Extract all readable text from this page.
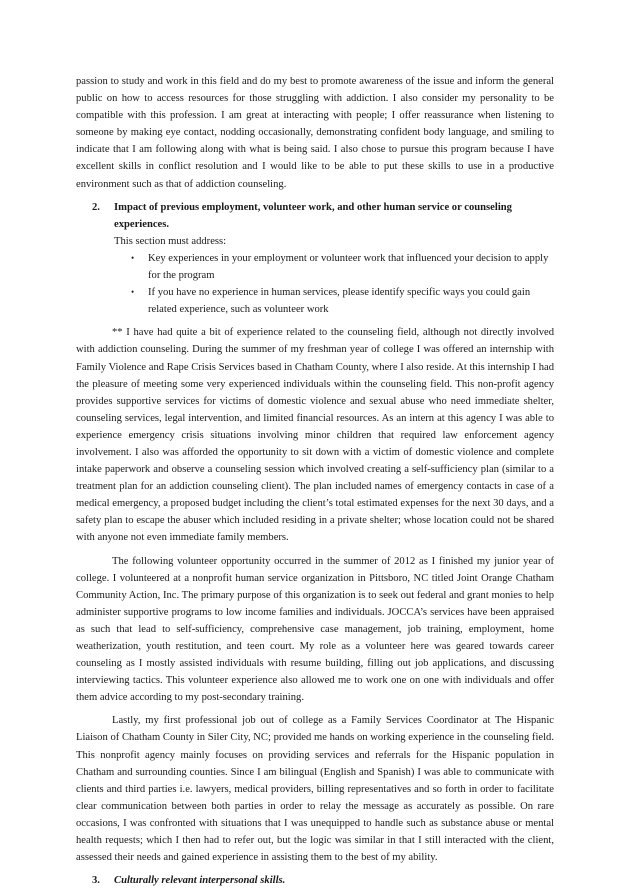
passion to study and work in this field and do my best to promote awareness of the issue and inform the general public on how to access resources for those struggling with addiction. I also consider my personality to be compatible with this profession. I am great at interacting with people; I offer reassurance when listening to someone by making eye contact, nodding occasionally, demonstrating confident body language, and smiling to indicate that I am following along with what is being said. I also chose to pursue this program because I have excellent skills in conflict resolution and I would like to be able to put these skills to use in a productive environment such as that of addiction counseling.

2. Impact of previous employment, volunteer work, and other human service or counseling experiences.

This section must address:

• Key experiences in your employment or volunteer work that influenced your decision to apply for the program
• If you have no experience in human services, please identify specific ways you could gain related experience, such as volunteer work

** I have had quite a bit of experience related to the counseling field, although not directly involved with addiction counseling. During the summer of my freshman year of college I was offered an internship with Family Violence and Rape Crisis Services based in Chatham County, where I also reside. At this internship I had the pleasure of meeting some very experienced individuals within the counseling field. This non-profit agency provides supportive services for victims of domestic violence and sexual abuse who need immediate shelter, counseling services, legal intervention, and limited financial resources. As an intern at this agency I was able to experience emergency crisis situations involving minor children that required law enforcement agency involvement. I also was afforded the opportunity to sit down with a victim of domestic violence and complete intake paperwork and observe a counseling session which involved creating a self-sufficiency plan (similar to a treatment plan for an addiction counseling client). The plan included names of emergency contacts in case of a medical emergency, a proposed budget including the client’s total estimated expenses for the next 30 days, and a safety plan to escape the abuser which included residing in a private shelter; whose location could not be shared with anyone not even immediate family members.

The following volunteer opportunity occurred in the summer of 2012 as I finished my junior year of college. I volunteered at a nonprofit human service organization in Pittsboro, NC titled Joint Orange Chatham Community Action, Inc. The primary purpose of this organization is to seek out federal and grant monies to help administer supportive programs to low income families and individuals. JOCCA’s services have been appraised as such that lead to self-sufficiency, comprehensive case management, job training, employment, home weatherization, youth restitution, and teen court. My role as a volunteer here was geared towards career counseling as I mostly assisted individuals with resume building, filling out job applications, and discussing interviewing tactics. This volunteer experience also allowed me to work one on one with individuals and offer them advice according to my post-secondary training.

Lastly, my first professional job out of college as a Family Services Coordinator at The Hispanic Liaison of Chatham County in Siler City, NC; provided me hands on working experience in the counseling field. This nonprofit agency mainly focuses on providing services and referrals for the Hispanic population in Chatham and surrounding counties. Since I am bilingual (English and Spanish) I was able to communicate with clients and third parties i.e. lawyers, medical providers, billing representatives and so forth in order to facilitate clear communication between both parties in order to relay the message as accurately as possible. On rare occasions, I was confronted with situations that I was unequipped to handle such as substance abuse or mental health requests; which I then had to refer out, but the logic was similar in that I still interacted with the client, assessed their needs and gained experience in assisting them to the best of my ability.

3. Culturally relevant interpersonal skills.
